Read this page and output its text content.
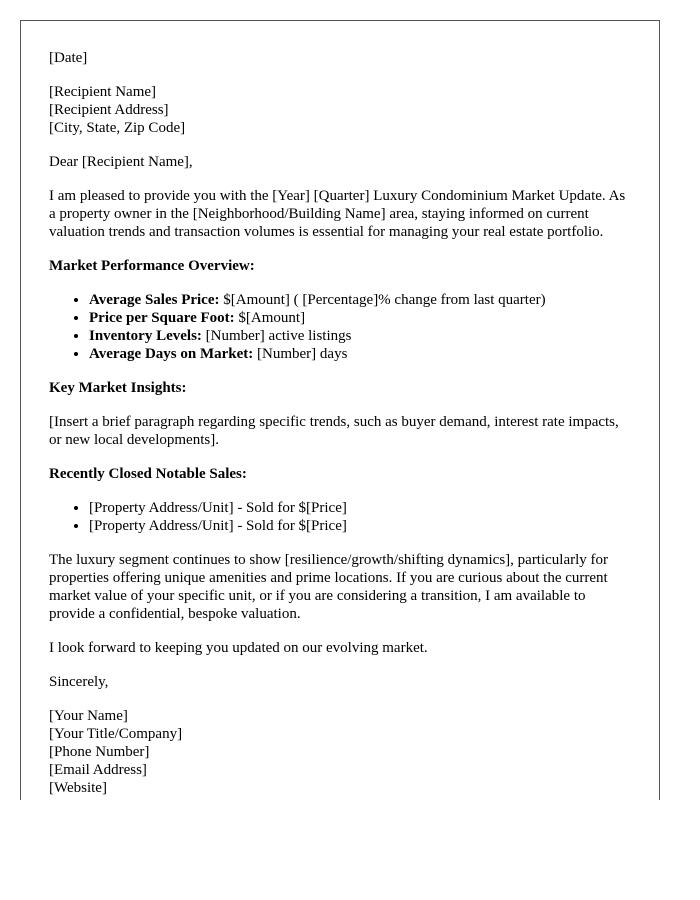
[Date]

[Recipient Name]
[Recipient Address]
[City, State, Zip Code]

Dear [Recipient Name],

I am pleased to provide you with the [Year] [Quarter] Luxury Condominium Market Update. As a property owner in the [Neighborhood/Building Name] area, staying informed on current valuation trends and transaction volumes is essential for managing your real estate portfolio.

Market Performance Overview:

• Average Sales Price: $[Amount] ( [Percentage]% change from last quarter)
• Price per Square Foot: $[Amount]
• Inventory Levels: [Number] active listings
• Average Days on Market: [Number] days

Key Market Insights:

[Insert a brief paragraph regarding specific trends, such as buyer demand, interest rate impacts, or new local developments].

Recently Closed Notable Sales:

• [Property Address/Unit] - Sold for $[Price]
• [Property Address/Unit] - Sold for $[Price]

The luxury segment continues to show [resilience/growth/shifting dynamics], particularly for properties offering unique amenities and prime locations. If you are curious about the current market value of your specific unit, or if you are considering a transition, I am available to provide a confidential, bespoke valuation.

I look forward to keeping you updated on our evolving market.

Sincerely,

[Your Name]
[Your Title/Company]
[Phone Number]
[Email Address]
[Website]
